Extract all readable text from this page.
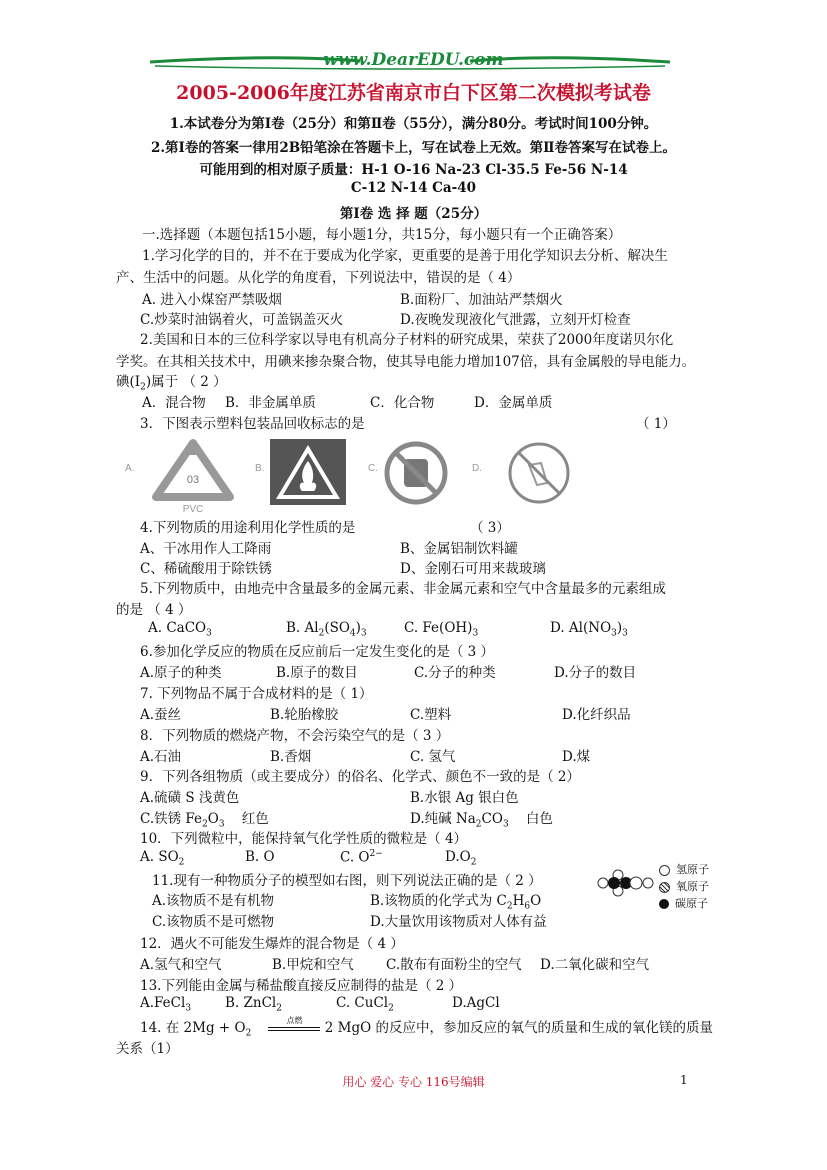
www.DearEDU.com
2005-2006年度江苏省南京市白下区第二次模拟考试卷
1.本试卷分为第Ⅰ卷（25分）和第Ⅱ卷（55分），满分80分。考试时间100分钟。
2.第Ⅰ卷的答案一律用2B铅笔涂在答题卡上，写在试卷上无效。第Ⅱ卷答案写在试卷上。
可能用到的相对原子质量：H-1 O-16 Na-23 Cl-35.5 Fe-56 N-14
C-12 N-14 Ca-40
第Ⅰ卷 选 择 题（25分）
一.选择题（本题包括15小题，每小题1分，共15分，每小题只有一个正确答案）
1.学习化学的目的，并不在于要成为化学家，更重要的是善于用化学知识去分析、解决生
产、生活中的问题。从化学的角度看，下列说法中，错误的是（ 4）
A. 进入小煤窑严禁吸烟	B.面粉厂、加油站严禁烟火
C.炒菜时油锅着火，可盖锅盖灭火	D.夜晚发现液化气泄露，立刻开灯检查
2.美国和日本的三位科学家以导电有机高分子材料的研究成果，荣获了2000年度诺贝尔化
学奖。在其相关技术中，用碘来掺杂聚合物，使其导电能力增加107倍，具有金属般的导电能力。
碘$(I_2)$属于 （ 2 ）
A．混合物 B．非金属单质	C．化合物	D．金属单质
3．下图表示塑料包装品回收标志的是	（ 1）
A.
03
PVC
B.	C.	D.
4.下列物质的用途利用化学性质的是	（ 3）
A、干冰用作人工降雨	B、金属铝制饮料罐
C、稀硫酸用于除铁锈	D、金刚石可用来裁玻璃
5.下列物质中，由地壳中含量最多的金属元素、非金属元素和空气中含量最多的元素组成
的是 （ 4 ）
A. CaCO$_3$	B. $Al_2(SO_4)_3$	C. $Fe(OH)_3$	D. $Al(NO_3)_3$
6.参加化学反应的物质在反应前后一定发生变化的是（ 3 ）
A.原子的种类	B.原子的数目	C.分子的种类	D.分子的数目
7. 下列物品不属于合成材料的是（ 1）
A.蚕丝	B.轮胎橡胶	C.塑料	D.化纤织品
8．下列物质的燃烧产物，不会污染空气的是（ 3 ）
A.石油	B.香烟	C. 氢气	D.煤
9．下列各组物质（或主要成分）的俗名、化学式、颜色不一致的是（ 2）
A.硫磺 S 浅黄色	B.水银 Ag 银白色
C.铁锈 $Fe_2O_3$ 红色	D.纯碱 $Na_2CO_3$ 白色
10．下列微粒中，能保持氧气化学性质的微粒是（ 4）
A. $SO_2$	B. O	C. $O^{2-}$	$D.O_2$
11.现有一种物质分子的模型如右图，则下列说法正确的是（ 2 ）
A.该物质不是有机物	B.该物质的化学式为 $C_2H_6O$
C.该物质不是可燃物	D.大量饮用该物质对人体有益
氢原子
氧原子
碳原子
12．遇火不可能发生爆炸的混合物是（ 4 ）
A.氢气和空气	B.甲烷和空气 C.散布有面粉尘的空气 D.二氧化碳和空气
13.下列能由金属与稀盐酸直接反应制得的盐是（ 2 ）
A.FeCl$_3$	B. ZnCl$_2$	C. CuCl$_2$	D.AgCl
14. 在 $2Mg + O_2$
点燃	2 MgO 的反应中，参加反应的氧气的质量和生成的氧化镁的质量
关系（1）
用心 爱心 专心 116号编辑	1
